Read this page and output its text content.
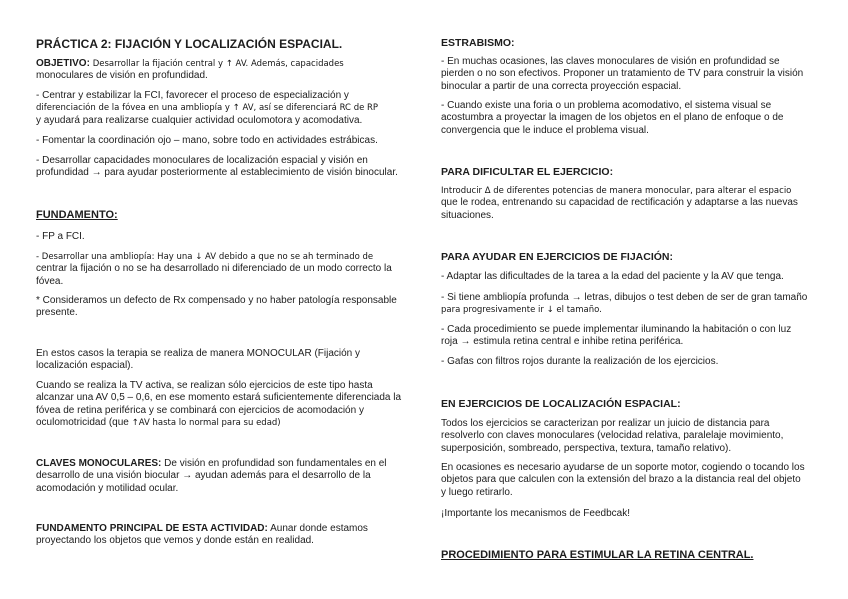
PRÁCTICA 2: FIJACIÓN Y LOCALIZACIÓN ESPACIAL.
OBJETIVO: Desarrollar la fijación central y ↑ AV. Además, capacidades
monoculares de visión en profundidad.
- Centrar y estabilizar la FCI, favorecer el proceso de especialización y
diferenciación de la fóvea en una ambliopía y ↑ AV, así se diferenciará RC de RP
y ayudará para realizarse cualquier actividad oculomotora y acomodativa.
- Fomentar la coordinación ojo – mano, sobre todo en actividades estrábicas.
- Desarrollar capacidades monoculares de localización espacial y visión en
profundidad → para ayudar posteriormente al establecimiento de visión binocular.
FUNDAMENTO:
- FP a FCI.
- Desarrollar una ambliopía: Hay una ↓ AV debido a que no se ah terminado de
centrar la fijación o no se ha desarrollado ni diferenciado de un modo correcto la
fóvea.
* Consideramos un defecto de Rx compensado y no haber patología responsable
presente.
En estos casos la terapia se realiza de manera MONOCULAR (Fijación y
localización espacial).
Cuando se realiza la TV activa, se realizan sólo ejercicios de este tipo hasta
alcanzar una AV 0,5 – 0,6, en ese momento estará suficientemente diferenciada la
fóvea de retina periférica y se combinará con ejercicios de acomodación y
oculomotricidad (que ↑AV hasta lo normal para su edad)
CLAVES MONOCULARES: De visión en profundidad son fundamentales en el
desarrollo de una visión biocular → ayudan además para el desarrollo de la
acomodación y motilidad ocular.
FUNDAMENTO PRINCIPAL DE ESTA ACTIVIDAD: Aunar donde estamos
proyectando los objetos que vemos y donde están en realidad.
ESTRABISMO:
- En muchas ocasiones, las claves monoculares de visión en profundidad se
pierden o no son efectivos. Proponer un tratamiento de TV para construir la visión
binocular a partir de una correcta proyección espacial.
- Cuando existe una foria o un problema acomodativo, el sistema visual se
acostumbra a proyectar la imagen de los objetos en el plano de enfoque o de
convergencia que le induce el problema visual.
PARA DIFICULTAR EL EJERCICIO:
Introducir Δ de diferentes potencias de manera monocular, para alterar el espacio
que le rodea, entrenando su capacidad de rectificación y adaptarse a las nuevas
situaciones.
PARA AYUDAR EN EJERCICIOS DE FIJACIÓN:
- Adaptar las dificultades de la tarea a la edad del paciente y la AV que tenga.
- Si tiene ambliopía profunda → letras, dibujos o test deben de ser de gran tamaño
para progresivamente ir ↓ el tamaño.
- Cada procedimiento se puede implementar iluminando la habitación o con luz
roja → estimula retina central e inhibe retina periférica.
- Gafas con filtros rojos durante la realización de los ejercicios.
EN EJERCICIOS DE LOCALIZACIÓN ESPACIAL:
Todos los ejercicios se caracterizan por realizar un juicio de distancia para
resolverlo con claves monoculares (velocidad relativa, paralelaje movimiento,
superposición, sombreado, perspectiva, textura, tamaño relativo).
En ocasiones es necesario ayudarse de un soporte motor, cogiendo o tocando los
objetos para que calculen con la extensión del brazo a la distancia real del objeto
y luego retirarlo.
¡Importante los mecanismos de Feedbcak!
PROCEDIMIENTO PARA ESTIMULAR LA RETINA CENTRAL.
